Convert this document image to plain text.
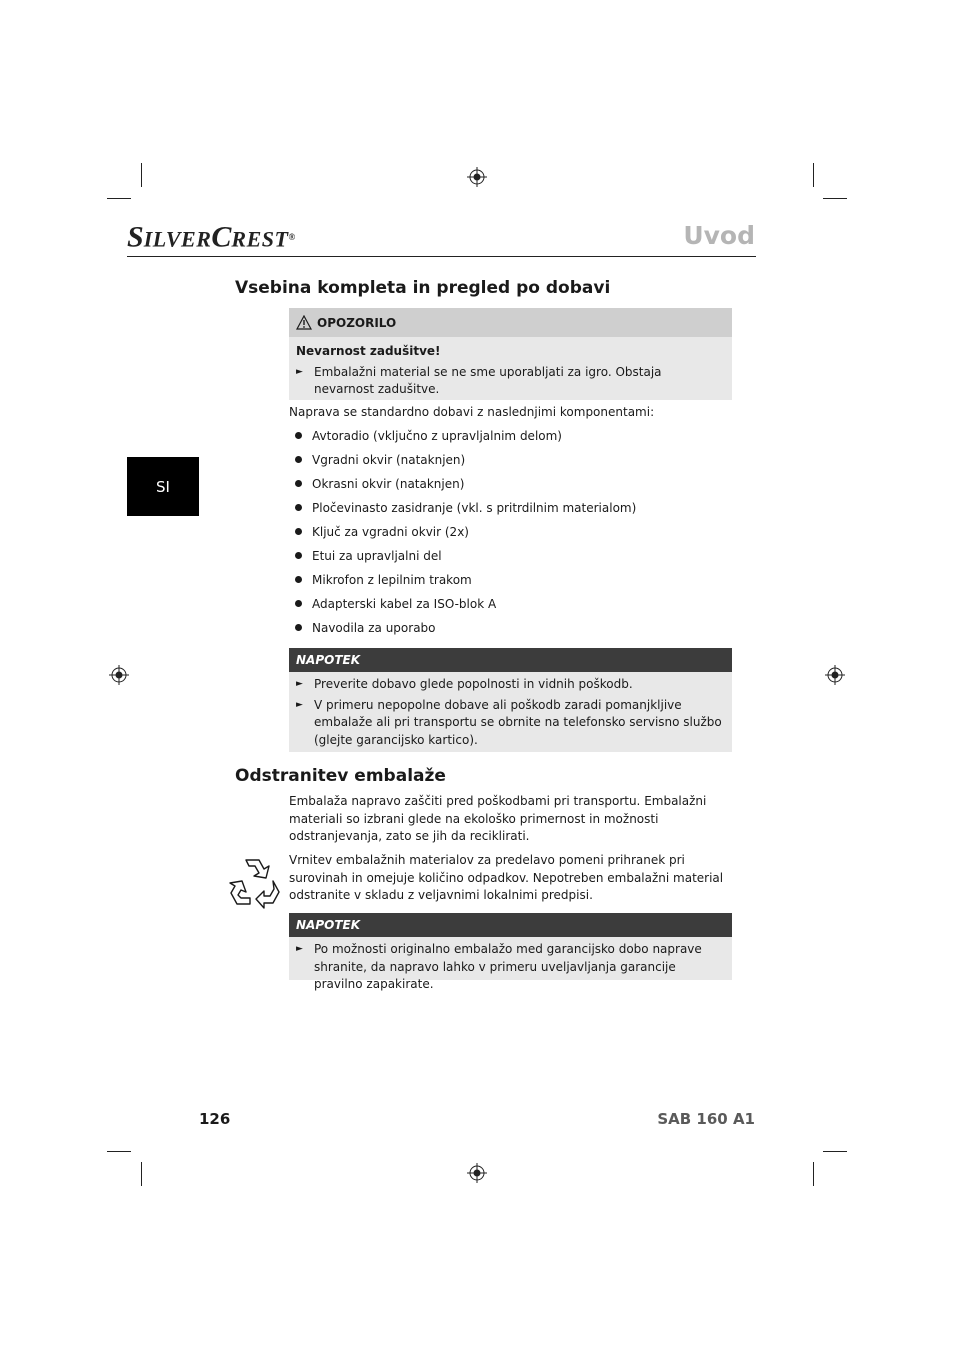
SILVERCREST®	Uvod
SI
Vsebina kompleta in pregled po dobavi
OPOZORILO
Nevarnost zadušitve!
► Embalažni material se ne sme uporabljati za igro. Obstaja nevarnost zadušitve.
Naprava se standardno dobavi z naslednjimi komponentami:
Avtoradio (vključno z upravljalnim delom)
Vgradni okvir (nataknjen)
Okrasni okvir (nataknjen)
Pločevinasto zasidranje (vkl. s pritrdilnim materialom)
Ključ za vgradni okvir (2x)
Etui za upravljalni del
Mikrofon z lepilnim trakom
Adapterski kabel za ISO-blok A
Navodila za uporabo
NAPOTEK
► Preverite dobavo glede popolnosti in vidnih poškodb.
► V primeru nepopolne dobave ali poškodb zaradi pomanjkljive embalaže ali pri transportu se obrnite na telefonsko servisno službo (glejte garancijsko kartico).
Odstranitev embalaže
Embalaža napravo zaščiti pred poškodbami pri transportu. Embalažni materiali so izbrani glede na ekološko primernost in možnosti odstranjevanja, zato se jih da reciklirati.
Vrnitev embalažnih materialov za predelavo pomeni prihranek pri surovinah in omejuje količino odpadkov. Nepotreben embalažni material odstranite v skladu z veljavnimi lokalnimi predpisi.
NAPOTEK
► Po možnosti originalno embalažo med garancijsko dobo naprave shranite, da napravo lahko v primeru uveljavljanja garancije pravilno zapakirate.
126	SAB 160 A1
